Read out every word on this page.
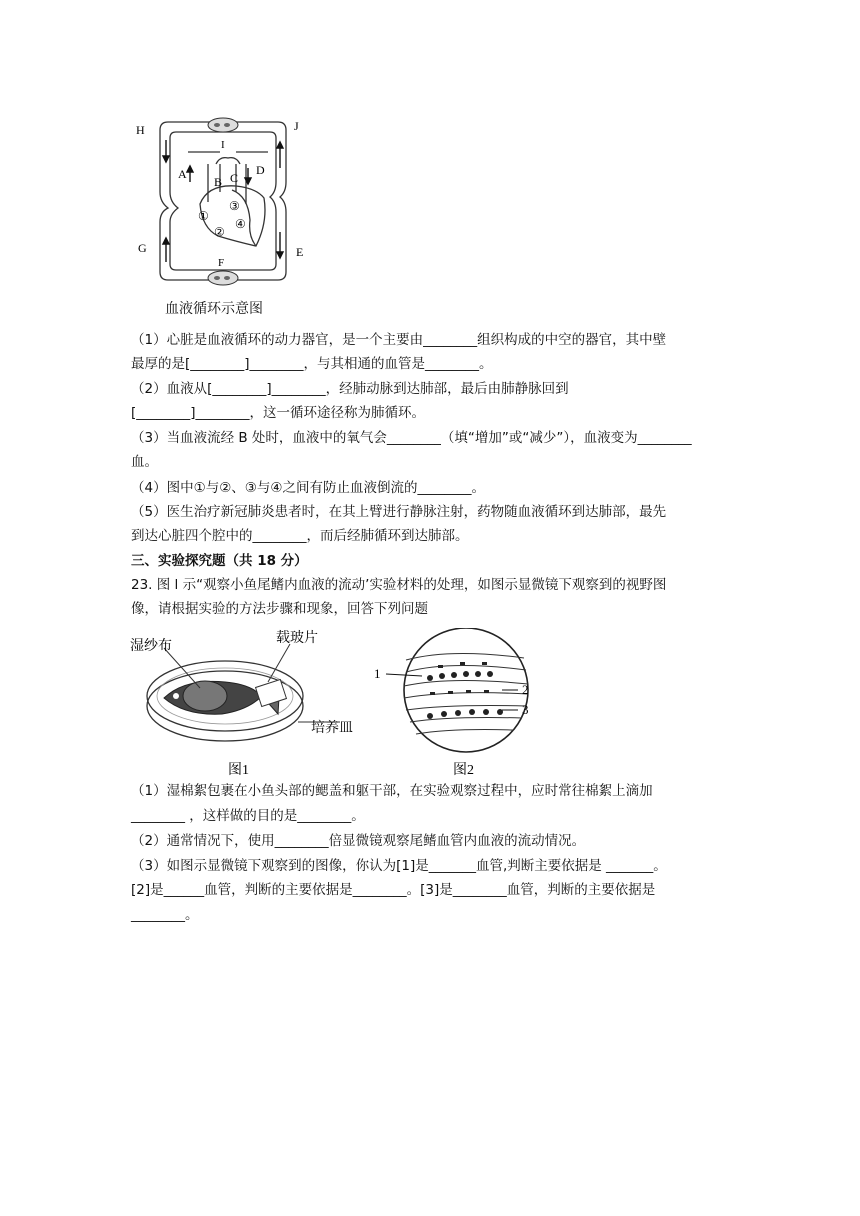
H	J
I
A
B C
D
G	E
F
①
②
③
④
血液循环示意图
（1）心脏是血液循环的动力器官，是一个主要由________组织构成的中空的器官，其中壁
最厚的是[________]________，与其相通的血管是________。
（2）血液从[________]________，经肺动脉到达肺部，最后由肺静脉回到
[________]________，这一循环途径称为肺循环。
（3）当血液流经 B 处时，血液中的氧气会________（填“增加”或“减少”），血液变为________
血。
（4）图中①与②、③与④之间有防止血液倒流的________。
（5）医生治疗新冠肺炎患者时，在其上臂进行静脉注射，药物随血液循环到达肺部，最先
到达心脏四个腔中的________，而后经肺循环到达肺部。
三、实验探究题（共 18 分）
23. 图 l 示“观察小鱼尾鳍内血液的流动’实验材料的处理，如图示显微镜下观察到的视野图
像，请根据实验的方法步骤和现象，回答下列问题
湿纱布
载玻片
培养皿
图1
1
2
3
图2
（1）湿棉絮包裹在小鱼头部的鳃盖和躯干部，在实验观察过程中，应时常往棉絮上滴加
________ ，这样做的目的是________。
（2）通常情况下，使用________倍显微镜观察尾鳍血管内血液的流动情况。
（3）如图示显微镜下观察到的图像，你认为[1]是_______血管,判断主要依据是 _______。
[2]是______血管，判断的主要依据是________。[3]是________血管，判断的主要依据是
________。
